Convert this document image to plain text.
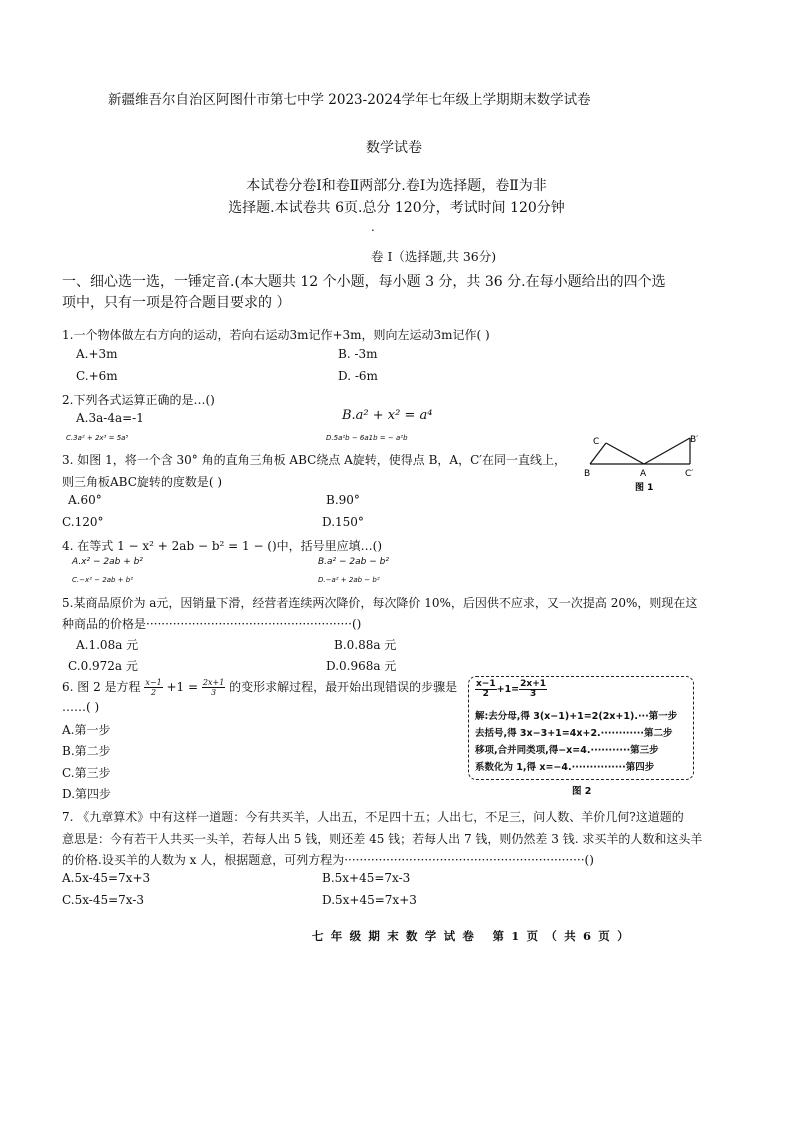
新疆维吾尔自治区阿图什市第七中学 2023-2024学年七年级上学期期末数学试卷
数学试卷
本试卷分卷Ⅰ和卷Ⅱ两部分.卷Ⅰ为选择题，卷Ⅱ为非
选择题.本试卷共 6页.总分 120分，考试时间 120分钟
.
卷 Ⅰ（选择题,共 36分)
一、细心选一选，一锤定音.(本大题共 12 个小题，每小题 3 分，共 36 分.在每小题给出的四个选
项中，只有一项是符合题目要求的 ）
1.一个物体做左右方向的运动，若向右运动3m记作+3m，则向左运动3m记作( )
A.+3m	B. -3m
C.+6m	D. -6m
2.下列各式运算正确的是…()
A.3a-4a=-1	B.a² + x² = a⁴
C.3a² + 2x³ = 5a⁵	D.5a²b − 6a1b = − a²b
3. 如图 1，将一个含 30° 角的直角三角板 ABC绕点 A旋转，使得点 B，A，C′在同一直线上，
则三角板ABC旋转的度数是( )
A.60°	B.90°
C.120°	D.150°
C
B	A
B′
C′
图 1
4. 在等式 1 − x² + 2ab − b² = 1 − ()中，括号里应填…()
A.x² − 2ab + b²	B.a² − 2ab − b²
C.−x² − 2ab + b²	D.−a² + 2ab − b²
5.某商品原价为 a元，因销量下滑，经营者连续两次降价，每次降价 10%，后因供不应求，又一次提高 20%，则现在这
种商品的价格是······················································()
A.1.08a 元	B.0.88a 元
C.0.972a 元	D.0.968a 元
6. 图 2 是方程 $\frac{x-1}{2} +1 = \frac{2x+1}{3}$ 的变形求解过程，最开始出现错误的步骤是
……( )
A.第一步
B.第二步
C.第三步
D.第四步
$\frac{x-1}{2} +1= \frac{2x+1}{3}$
解:去分母,得 3(x−1)+1=2(2x+1).···第一步
去括号,得 3x−3+1=4x+2.············第二步
移项,合并同类项,得−x=4.···········第三步
系数化为 1,得 x=−4.···············第四步
图 2
7. 《九章算术》中有这样一道题：今有共买羊，人出五，不足四十五；人出七，不足三，问人数、羊价几何?这道题的
意思是：今有若干人共买一头羊，若每人出 5 钱，则还差 45 钱；若每人出 7 钱，则仍然差 3 钱. 求买羊的人数和这头羊
的价格.设买羊的人数为 x 人，根据题意，可列方程为·······························································()
A.5x-45=7x+3	B.5x+45=7x-3
C.5x-45=7x-3	D.5x+45=7x+3
七年级期末数学试卷 第1页（共6页）
